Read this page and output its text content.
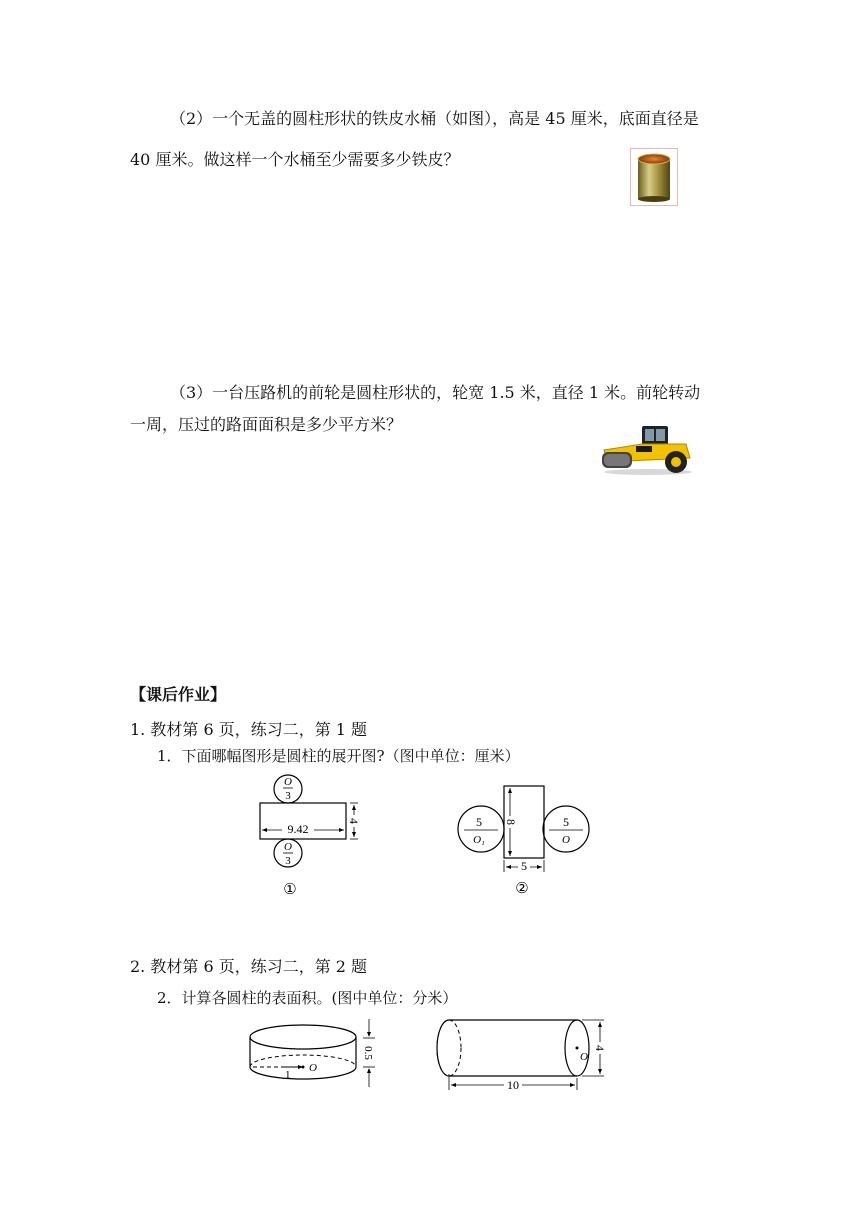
（2）一个无盖的圆柱形状的铁皮水桶（如图），高是 45 厘米，底面直径是
40 厘米。做这样一个水桶至少需要多少铁皮？
（3）一台压路机的前轮是圆柱形状的，轮宽 1.5 米，直径 1 米。前轮转动
一周，压过的路面面积是多少平方米？
【课后作业】
1. 教材第 6 页，练习二，第 1 题
1．下面哪幅图形是圆柱的展开图?（图中单位：厘米）
O
3
9.42
4
O
3
①
5
O₁
8
5
5
O
②
2. 教材第 6 页，练习二，第 2 题
2．计算各圆柱的表面积。(图中单位：分米）
1
O
0.5	O
4
10
